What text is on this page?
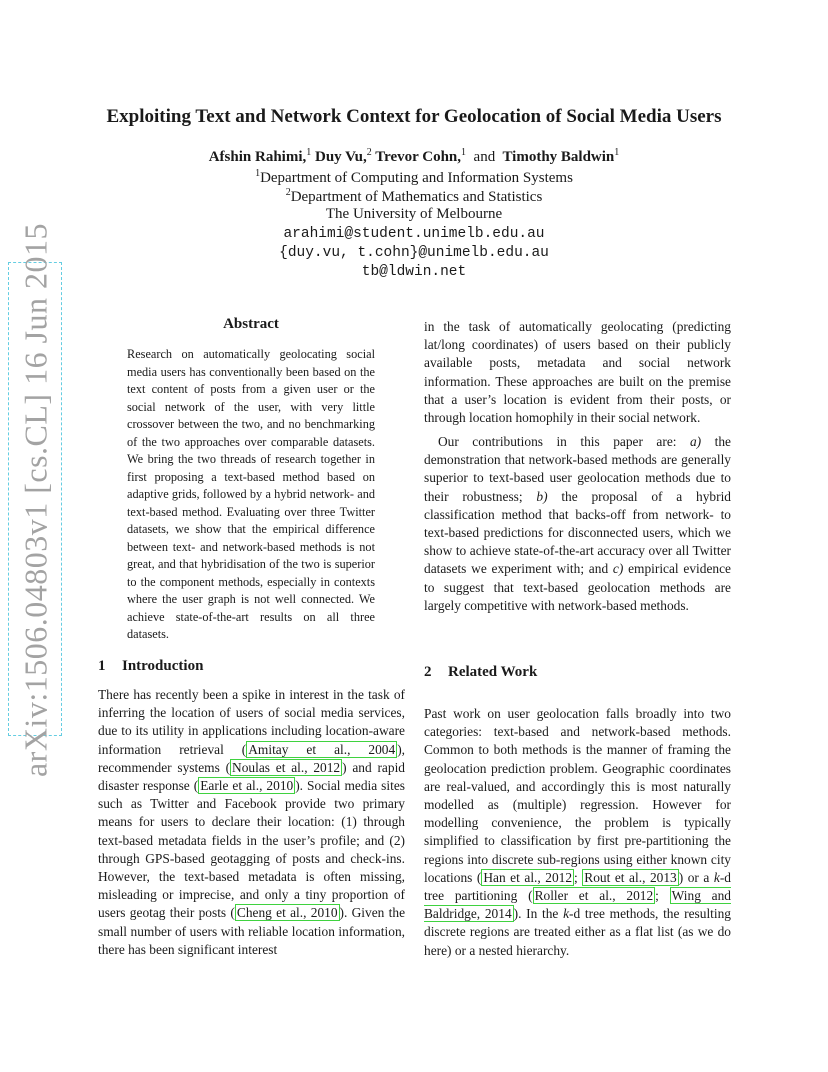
arXiv:1506.04803v1 [cs.CL] 16 Jun 2015
Exploiting Text and Network Context for Geolocation of Social Media Users
Afshin Rahimi,$^1$ Duy Vu,$^2$ Trevor Cohn,$^1$ and Timothy Baldwin$^1$
$^1$Department of Computing and Information Systems
$^2$Department of Mathematics and Statistics
The University of Melbourne
arahimi@student.unimelb.edu.au
{duy.vu, t.cohn}@unimelb.edu.au
tb@ldwin.net
Abstract

Research on automatically geolocating social media users has conventionally been based on the text content of posts from a given user or the social network of the user, with very little crossover between the two, and no benchmarking of the two approaches over comparable datasets. We bring the two threads of research together in first proposing a text-based method based on adaptive grids, followed by a hybrid network- and text-based method. Evaluating over three Twitter datasets, we show that the empirical difference between text- and network-based methods is not great, and that hybridisation of the two is superior to the component methods, especially in contexts where the user graph is not well connected. We achieve state-of-the-art results on all three datasets.

1 Introduction

There has recently been a spike in interest in the task of inferring the location of users of social media services, due to its utility in applications including location-aware information retrieval ( Amitay et al., 2004 ), recommender systems ( Noulas et al., 2012 ) and rapid disaster response ( Earle et al., 2010 ). Social media sites such as Twitter and Facebook provide two primary means for users to declare their location: (1) through text-based metadata fields in the user’s profile; and (2) through GPS-based geotagging of posts and check-ins. However, the text-based metadata is often missing, misleading or imprecise, and only a tiny proportion of users geotag their posts ( Cheng et al., 2010 ). Given the small number of users with reliable location information, there has been significant interest

in the task of automatically geolocating (predicting lat/long coordinates) of users based on their publicly available posts, metadata and social network information. These approaches are built on the premise that a user’s location is evident from their posts, or through location homophily in their social network.

Our contributions in this paper are: a) the demonstration that network-based methods are generally superior to text-based user geolocation methods due to their robustness; b) the proposal of a hybrid classification method that backs-off from network- to text-based predictions for disconnected users, which we show to achieve state-of-the-art accuracy over all Twitter datasets we experiment with; and c) empirical evidence to suggest that text-based geolocation methods are largely competitive with network-based methods.

2 Related Work

Past work on user geolocation falls broadly into two categories: text-based and network-based methods. Common to both methods is the manner of framing the geolocation prediction problem. Geographic coordinates are real-valued, and accordingly this is most naturally modelled as (multiple) regression. However for modelling convenience, the problem is typically simplified to classification by first pre-partitioning the regions into discrete sub-regions using either known city locations ( Han et al., 2012 ; Rout et al., 2013 ) or a k-d tree partitioning ( Roller et al., 2012 ; Wing and Baldridge, 2014 ). In the k-d tree methods, the resulting discrete regions are treated either as a flat list (as we do here) or a nested hierarchy.
